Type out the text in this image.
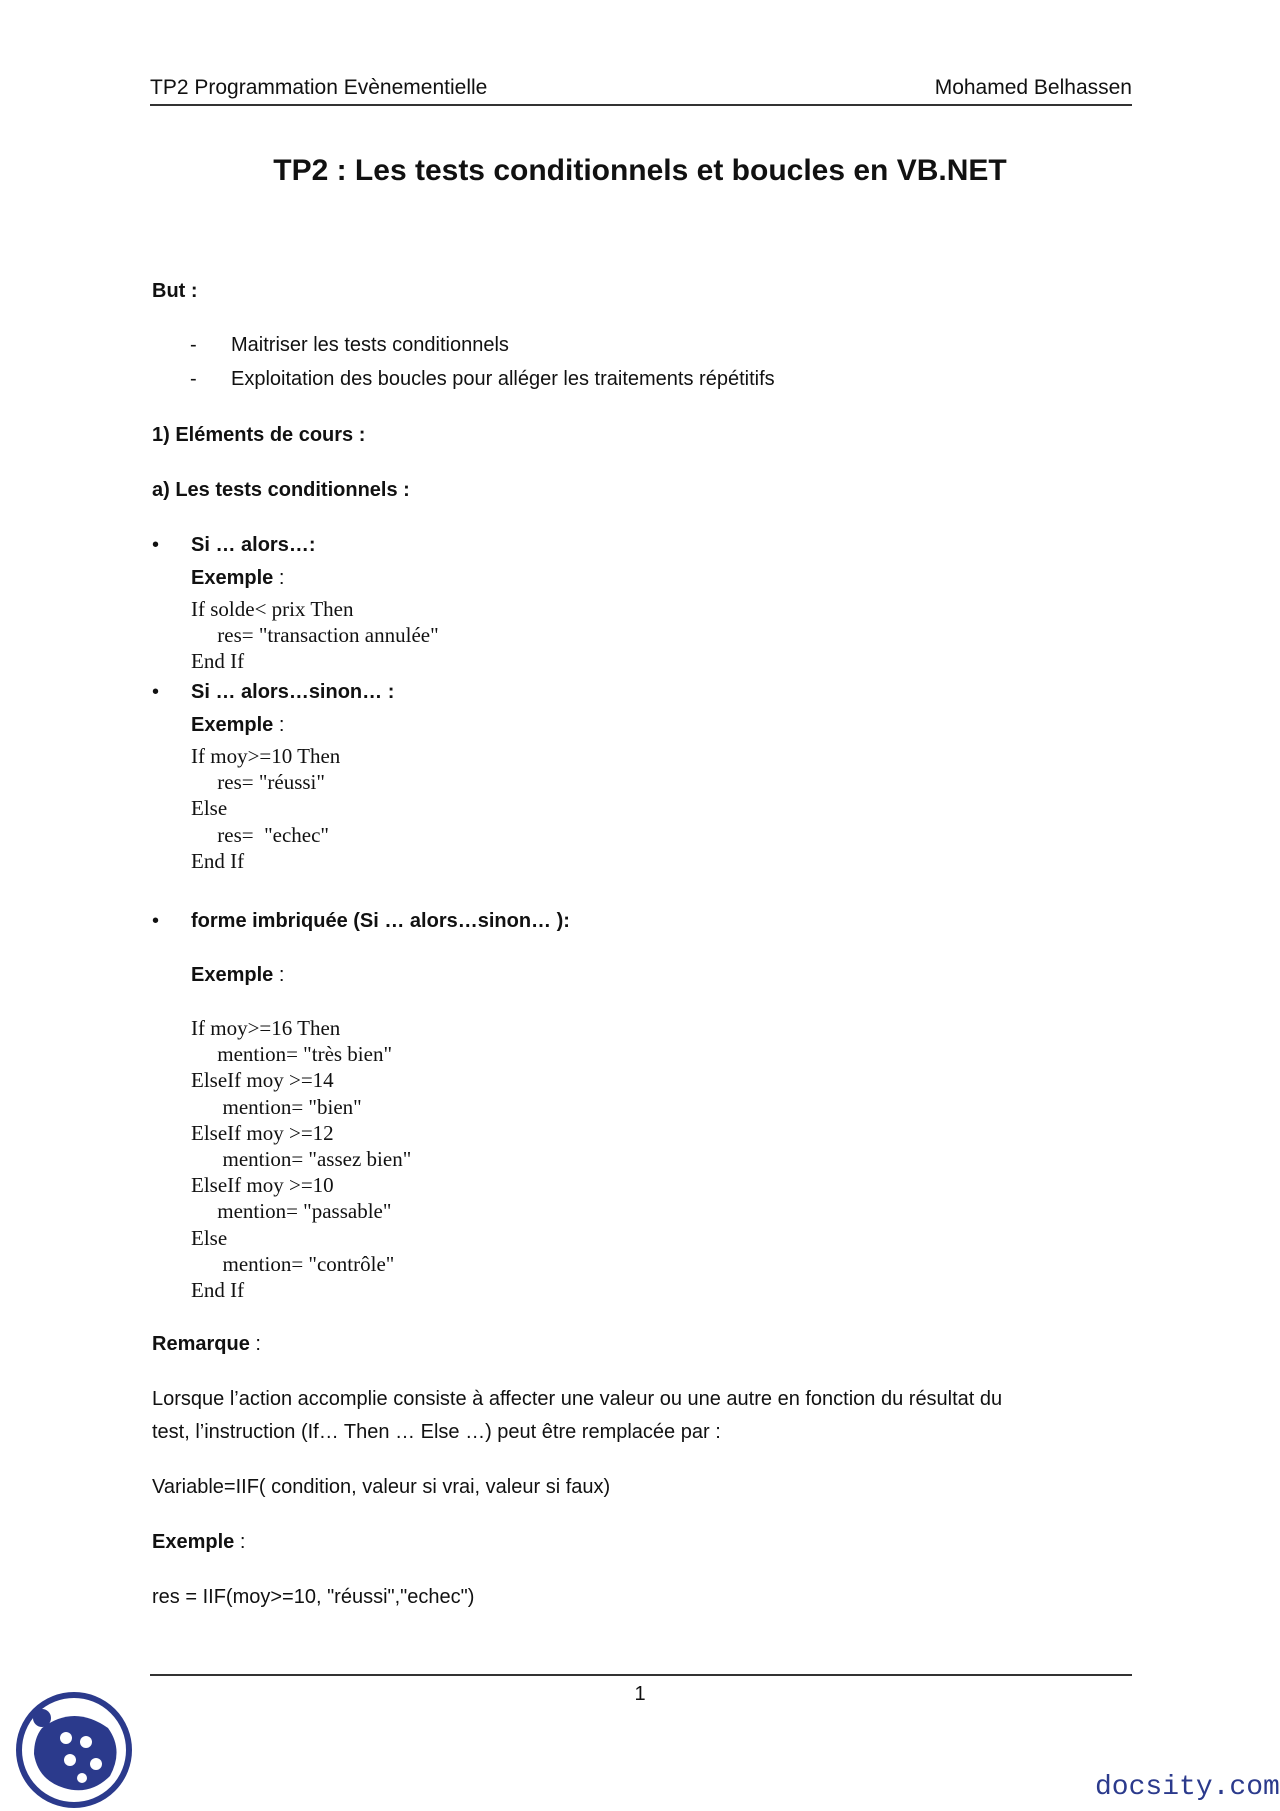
TP2 Programmation Evènementielle	Mohamed Belhassen
TP2 : Les tests conditionnels et boucles en VB.NET
But :
- Maitriser les tests conditionnels
- Exploitation des boucles pour alléger les traitements répétitifs
1) Eléments de cours :
a) Les tests conditionnels :
• Si … alors…:
Exemple :
If solde< prix Then
res= "transaction annulée"
End If
• Si … alors…sinon… :
Exemple :
If moy>=10 Then
res= "réussi"
Else
res=  "echec"
End If
• forme imbriquée (Si … alors…sinon… ):
Exemple :
If moy>=16 Then
mention= "très bien"
ElseIf moy >=14
mention= "bien"
ElseIf moy >=12
mention= "assez bien"
ElseIf moy >=10
mention= "passable"
Else
mention= "contrôle"
End If
Remarque :
Lorsque l’action accomplie consiste à affecter une valeur ou une autre en fonction du résultat du
test, l’instruction (If… Then … Else …) peut être remplacée par :
Variable=IIF( condition, valeur si vrai, valeur si faux)
Exemple :
res = IIF(moy>=10, "réussi","echec")
1
docsity.com
